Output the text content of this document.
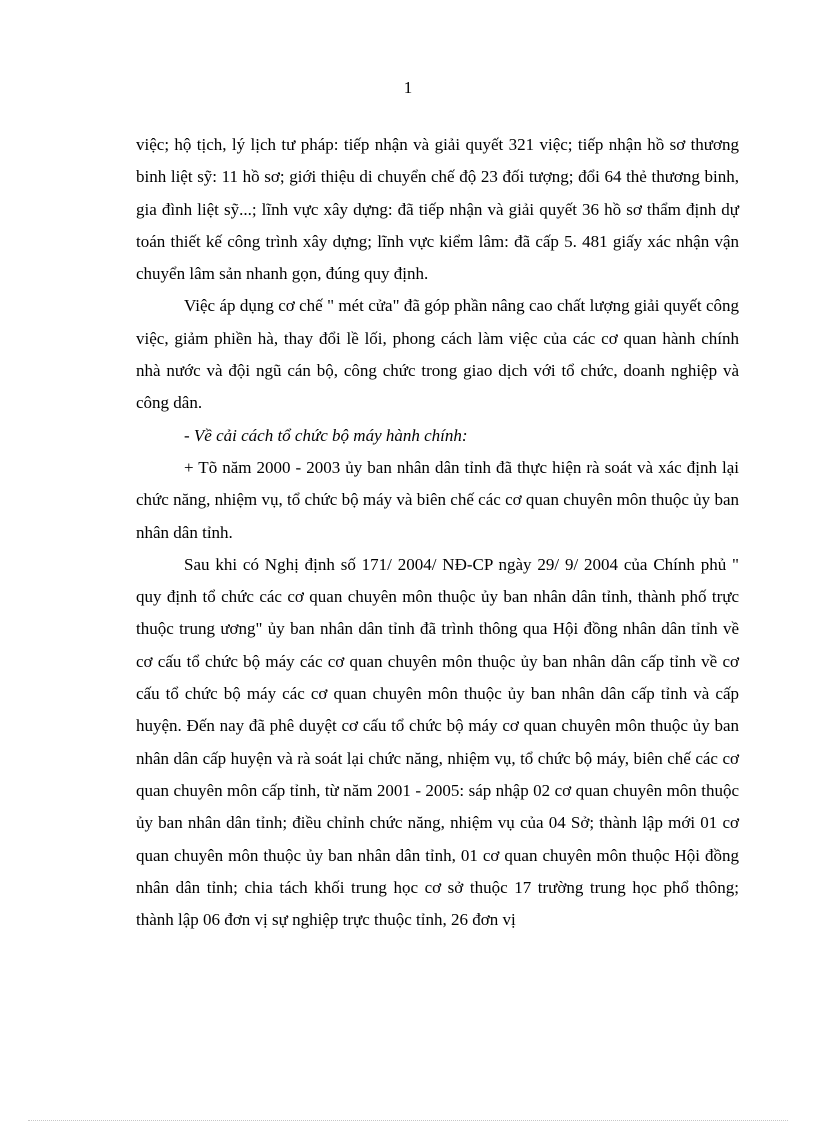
1

việc; hộ tịch, lý lịch tư pháp: tiếp nhận và giải quyết 321 việc; tiếp nhận hồ sơ thương binh liệt sỹ: 11 hồ sơ; giới thiệu di chuyển chế độ 23 đối tượng; đổi 64 thẻ thương binh, gia đình liệt sỹ...; lĩnh vực xây dựng: đã tiếp nhận và giải quyết 36 hồ sơ thẩm định dự toán thiết kế công trình xây dựng; lĩnh vực kiểm lâm: đã cấp 5. 481 giấy xác nhận vận chuyển lâm sản nhanh gọn, đúng quy định.

Việc áp dụng cơ chế " mét cửa" đã góp phần nâng cao chất lượng giải quyết công việc, giảm phiền hà, thay đổi lề lối, phong cách làm việc của các cơ quan hành chính nhà nước và đội ngũ cán bộ, công chức trong giao dịch với tổ chức, doanh nghiệp và công dân.

- Về cải cách tổ chức bộ máy hành chính:

+ Tõ năm 2000 - 2003 ủy ban nhân dân tỉnh đã thực hiện rà soát và xác định lại chức năng, nhiệm vụ, tổ chức bộ máy và biên chế các cơ quan chuyên môn thuộc ủy ban nhân dân tỉnh.

Sau khi có Nghị định số 171/ 2004/ NĐ-CP ngày 29/ 9/ 2004 của Chính phủ " quy định tổ chức các cơ quan chuyên môn thuộc ủy ban nhân dân tỉnh, thành phố trực thuộc trung ương" ủy ban nhân dân tỉnh đã trình thông qua Hội đồng nhân dân tỉnh về cơ cấu tổ chức bộ máy các cơ quan chuyên môn thuộc ủy ban nhân dân cấp tỉnh về cơ cấu tổ chức bộ máy các cơ quan chuyên môn thuộc ủy ban nhân dân cấp tỉnh và cấp huyện. Đến nay đã phê duyệt cơ cấu tổ chức bộ máy cơ quan chuyên môn thuộc ủy ban nhân dân cấp huyện và rà soát lại chức năng, nhiệm vụ, tổ chức bộ máy, biên chế các cơ quan chuyên môn cấp tỉnh, từ năm 2001 - 2005: sáp nhập 02 cơ quan chuyên môn thuộc ủy ban nhân dân tỉnh; điều chỉnh chức năng, nhiệm vụ của 04 Sở; thành lập mới 01 cơ quan chuyên môn thuộc ủy ban nhân dân tỉnh, 01 cơ quan chuyên môn thuộc Hội đồng nhân dân tỉnh; chia tách khối trung học cơ sở thuộc 17 trường trung học phổ thông; thành lập 06 đơn vị sự nghiệp trực thuộc tỉnh, 26 đơn vị
